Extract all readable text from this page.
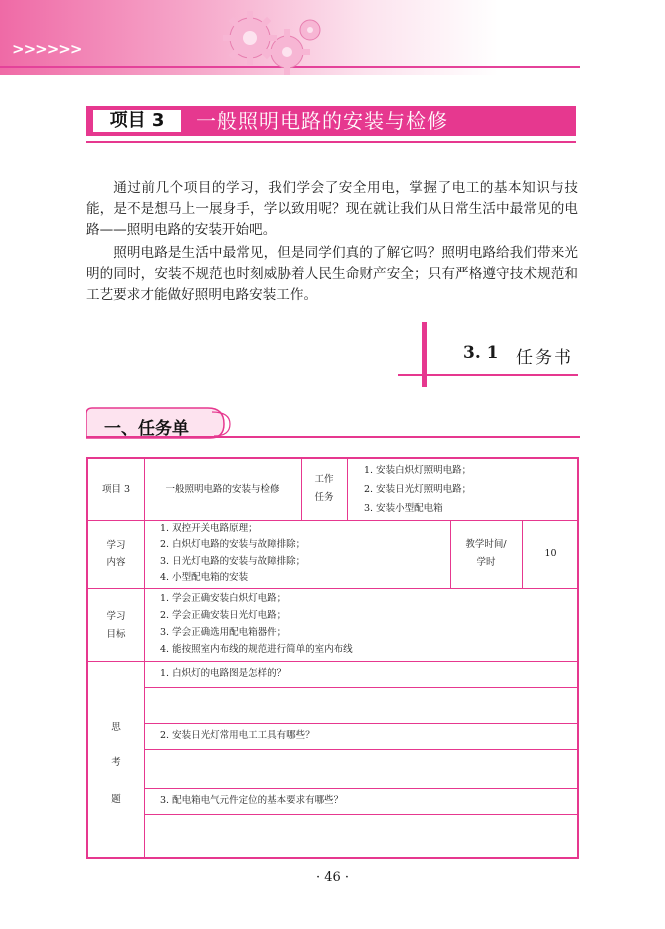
>>>>>>
项目 3	一般照明电路的安装与检修

通过前几个项目的学习，我们学会了安全用电，掌握了电工的基本知识与技能，是不是想马上一展身手，学以致用呢？现在就让我们从日常生活中最常见的电路——照明电路的安装开始吧。

照明电路是生活中最常见，但是同学们真的了解它吗？照明电路给我们带来光明的同时，安装不规范也时刻威胁着人民生命财产安全；只有严格遵守技术规范和工艺要求才能做好照明电路安装工作。

3. 1 任务书
一、任务单
项目 3	一般照明电路的安装与检修
工作
任务
1. 安装白炽灯照明电路；
2. 安装日光灯照明电路；
3. 安装小型配电箱
学习
内容
1. 双控开关电路原理；
2. 白炽灯电路的安装与故障排除；
3. 日光灯电路的安装与故障排除；
4. 小型配电箱的安装
教学时间/
学时
10
学习
目标
1. 学会正确安装白炽灯电路；
2. 学会正确安装日光灯电路；
3. 学会正确选用配电箱器件；
4. 能按照室内布线的规范进行简单的室内布线
思
考
题
1. 白炽灯的电路图是怎样的？
2. 安装日光灯常用电工工具有哪些？
3. 配电箱电气元件定位的基本要求有哪些？
· 46 ·
